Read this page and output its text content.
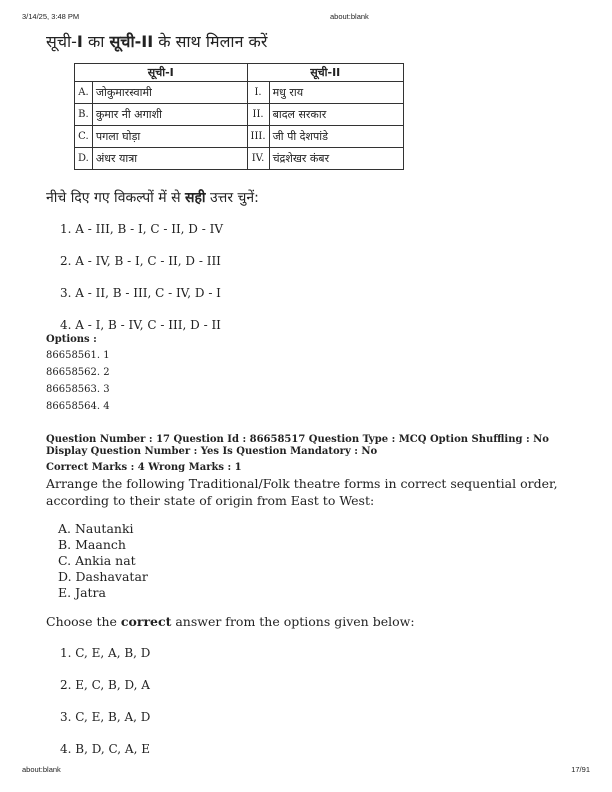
3/14/25, 3:48 PM	about:blank
सूची-I का सूची-II के साथ मिलान करें
सूची-I		सूची-II	
A.	जोकुमारस्वामी	I.	मधु राय
B.	कुमार नी अगाशी	II.	बादल सरकार
C.	पगला घोड़ा	III.	जी पी देशपांडे
D.	अंधर यात्रा	IV.	चंद्रशेखर कंबर
नीचे दिए गए विकल्पों में से सही उत्तर चुनें:
1. A - III, B - I, C - II, D - IV
2. A - IV, B - I, C - II, D - III
3. A - II, B - III, C - IV, D - I
4. A - I, B - IV, C - III, D - II
Options :
86658561. 1
86658562. 2
86658563. 3
86658564. 4
Question Number : 17 Question Id : 86658517 Question Type : MCQ Option Shuffling : No Display Question Number : Yes Is Question Mandatory : No
Correct Marks : 4 Wrong Marks : 1
Arrange the following Traditional/Folk theatre forms in correct sequential order, according to their state of origin from East to West:
A. Nautanki
B. Maanch
C. Ankia nat
D. Dashavatar
E. Jatra
Choose the correct answer from the options given below:
1. C, E, A, B, D
2. E, C, B, D, A
3. C, E, B, A, D
4. B, D, C, A, E
about:blank	17/91
